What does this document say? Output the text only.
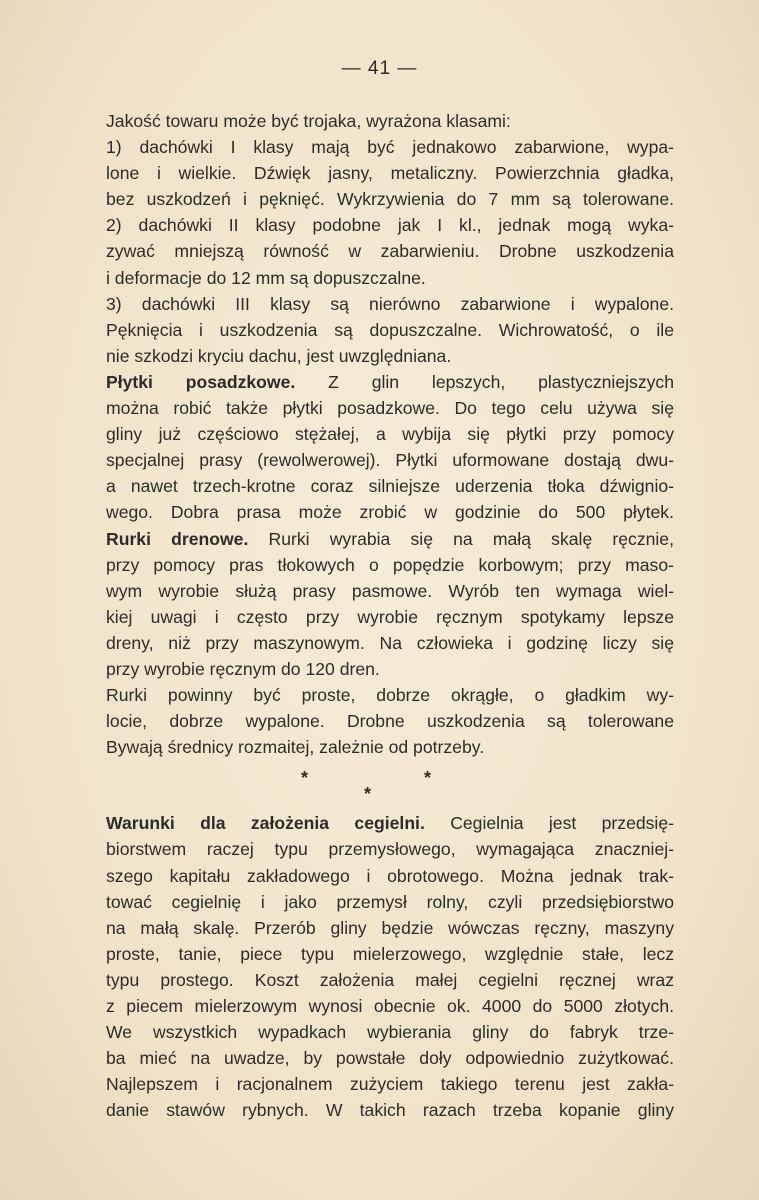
— 41 —
Jakość towaru może być trojaka, wyrażona klasami:
1) dachówki I klasy mają być jednakowo zabarwione, wypa-
lone i wielkie. Dźwięk jasny, metaliczny. Powierzchnia gładka,
bez uszkodzeń i pęknięć. Wykrzywienia do 7 mm są tolerowane.
2) dachówki II klasy podobne jak I kl., jednak mogą wyka-
zywać mniejszą równość w zabarwieniu. Drobne uszkodzenia
i deformacje do 12 mm są dopuszczalne.
3) dachówki III klasy są nierówno zabarwione i wypalone.
Pęknięcia i uszkodzenia są dopuszczalne. Wichrowatość, o ile
nie szkodzi kryciu dachu, jest uwzględniana.
Płytki posadzkowe. Z glin lepszych, plastyczniejszych
można robić także płytki posadzkowe. Do tego celu używa się
gliny już częściowo stężałej, a wybija się płytki przy pomocy
specjalnej prasy (rewolwerowej). Płytki uformowane dostają dwu-
a nawet trzech-krotne coraz silniejsze uderzenia tłoka dźwignio-
wego. Dobra prasa może zrobić w godzinie do 500 płytek.
Rurki drenowe. Rurki wyrabia się na małą skalę ręcznie,
przy pomocy pras tłokowych o popędzie korbowym; przy maso-
wym wyrobie służą prasy pasmowe. Wyrób ten wymaga wiel-
kiej uwagi i często przy wyrobie ręcznym spotykamy lepsze
dreny, niż przy maszynowym. Na człowieka i godzinę liczy się
przy wyrobie ręcznym do 120 dren.
Rurki powinny być proste, dobrze okrągłe, o gładkim wy-
locie, dobrze wypalone. Drobne uszkodzenia są tolerowane
Bywają średnicy rozmaitej, zależnie od potrzeby.
*
*
*
Warunki dla założenia cegielni. Cegielnia jest przedsię-
biorstwem raczej typu przemysłowego, wymagająca znaczniej-
szego kapitału zakładowego i obrotowego. Można jednak trak-
tować cegielnię i jako przemysł rolny, czyli przedsiębiorstwo
na małą skalę. Przerób gliny będzie wówczas ręczny, maszyny
proste, tanie, piece typu mielerzowego, względnie stałe, lecz
typu prostego. Koszt założenia małej cegielni ręcznej wraz
z piecem mielerzowym wynosi obecnie ok. 4000 do 5000 złotych.
We wszystkich wypadkach wybierania gliny do fabryk trze-
ba mieć na uwadze, by powstałe doły odpowiednio zużytkować.
Najlepszem i racjonalnem zużyciem takiego terenu jest zakła-
danie stawów rybnych. W takich razach trzeba kopanie gliny
